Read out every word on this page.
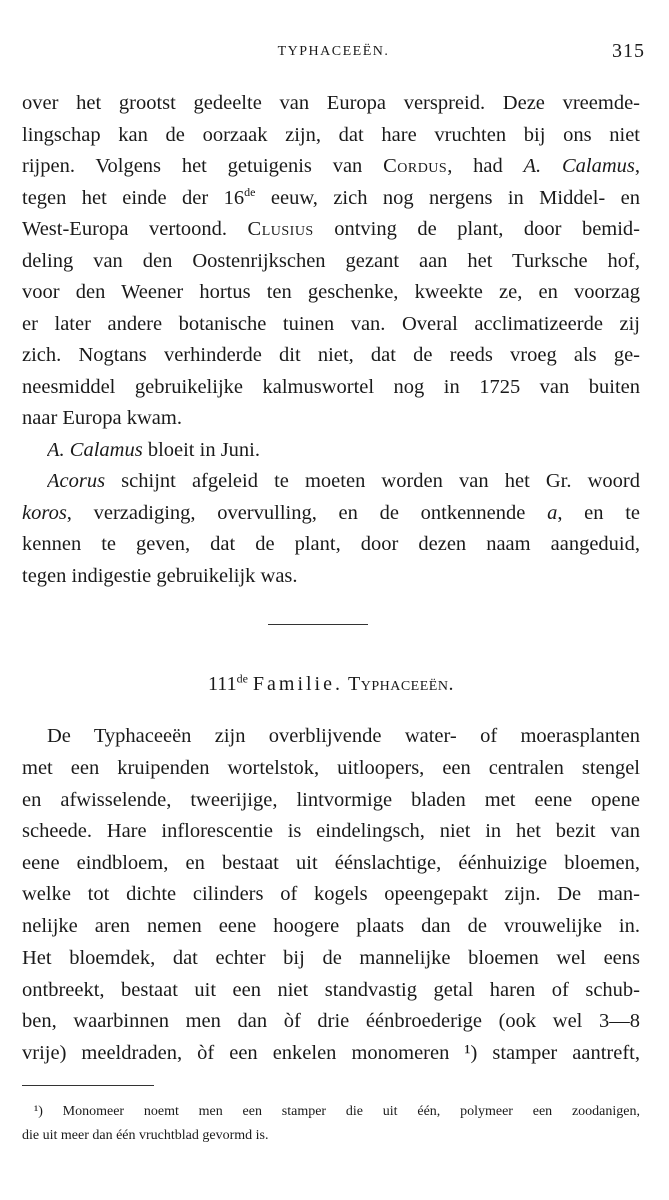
TYPHACEEËN.	315
over het grootst gedeelte van Europa verspreid. Deze vreemde-
lingschap kan de oorzaak zijn, dat hare vruchten bij ons niet
rijpen. Volgens het getuigenis van Cordus, had A. Calamus,
tegen het einde der 16de eeuw, zich nog nergens in Middel- en
West-Europa vertoond. Clusius ontving de plant, door bemid-
deling van den Oostenrijkschen gezant aan het Turksche hof,
voor den Weener hortus ten geschenke, kweekte ze, en voorzag
er later andere botanische tuinen van. Overal acclimatizeerde zij
zich. Nogtans verhinderde dit niet, dat de reeds vroeg als ge-
neesmiddel gebruikelijke kalmuswortel nog in 1725 van buiten
naar Europa kwam.
A. Calamus bloeit in Juni.
Acorus schijnt afgeleid te moeten worden van het Gr. woord
koros, verzadiging, overvulling, en de ontkennende a, en te
kennen te geven, dat de plant, door dezen naam aangeduid,
tegen indigestie gebruikelijk was.
111de Familie. Typhaceeën.
De Typhaceeën zijn overblijvende water- of moerasplanten
met een kruipenden wortelstok, uitloopers, een centralen stengel
en afwisselende, tweerijige, lintvormige bladen met eene opene
scheede. Hare inflorescentie is eindelingsch, niet in het bezit van
eene eindbloem, en bestaat uit éénslachtige, éénhuizige bloemen,
welke tot dichte cilinders of kogels opeengepakt zijn. De man-
nelijke aren nemen eene hoogere plaats dan de vrouwelijke in.
Het bloemdek, dat echter bij de mannelijke bloemen wel eens
ontbreekt, bestaat uit een niet standvastig getal haren of schub-
ben, waarbinnen men dan òf drie éénbroederige (ook wel 3—8
vrije) meeldraden, òf een enkelen monomeren ¹) stamper aantreft,
¹) Monomeer noemt men een stamper die uit één, polymeer een zoodanigen,
die uit meer dan één vruchtblad gevormd is.
